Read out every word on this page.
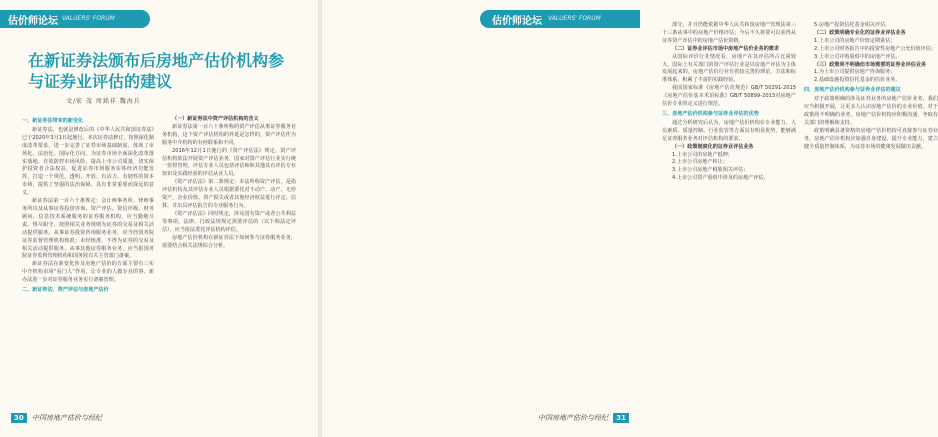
估价师论坛 VALUERS' FORUM
在新证券法颁布后房地产估价机构参与证券业评估的建议
文/宏 茂 周銘祥 魏海兵

一、新证券法带来的新变化

新证券法，也就是修改后的《中华人民共和国证券法》已于2020年3月1日起施行。本次证券法修订，按照深化制度改革要求，进一步完善了证券市场基础制度，体现了市场化、法治化、国际化方向，为证券市场全面深化改革落实落地、有效防控市场风险，提高上市公司质量，切实保护投资者合法权益，促进证券市场服务实体经济功能发挥，打造一个规范、透明、开放、有活力、有韧性的资本市场，提供了坚强的法治保障，具有非常重要而深远的意义。

新证券法第一百六十条规定：会计师事务所、律师事务所以及从事证券投资咨询、资产评估、资信评级、财务顾问、信息技术系统服务的证券服务机构，应当勤勉尽责、恪尽职守，按照相关业务规则为证券的交易及相关活动提供服务。从事证券投资咨询服务业务，应当经国务院证券监督管理机构核准；未经核准，不得为证券的交易及相关活动提供服务。从事其他证券服务业务，应当报国务院证券监督管理机构和国务院有关主管部门备案。

新证券法在新变化涉及房地产估价的方面主要有三实中介机构市场“看门人”作用，让专业的人做专业的事，新办法进一步对证券服务业务实行备案管理。

二、新证券法、资产评估与房地产估价

（一）新证券法中资产评估机构的含义

新证券法第一百六十条所称的资产评估从事证券服务业务机构，这个资产评估机构的外延是怎样的，资产评估作为服务中介机构的有何联系和不同。

2016年12月1日施行的《资产评估法》规定，资产评估机构依法开展资产评估业务，国家对资产评估行业实行统一监督管理，评估专业人员包括评估师和其他具有评估专业知识及实践经验的评估从业人员。

《资产评估法》第二条规定：本法所称资产评估，是指评估机构及其评估专业人员根据委托对不动产、动产、无形资产、企业价值、资产损失或者其他经济权益进行评定、估算，并出具评估报告的专业服务行为。

《资产评估法》同时规定，涉及国有资产或者公共利益等事项，法律、行政法规规定需要评估的（以下称法定评估），应当依法委托评估机构评估。

房地产估价机构在新证券法下如何参与证券服务业务，需要结合相关法规综合分析。

30 中国房地产估价与经纪
估价师论坛 VALUERS' FORUM

部分，并且仍能依据中华人民共和国房地产管理法第三十三条从事中的房地产价格评估；今后不久将要可以获得从证券资产评估中的房地产估价资格。

（二）证券业评估市场中房地产估价业务的需求

从国际评价行业情况看，房地产在其评估所占比重较大，国际上有关部门的资产评估行业是以房地产评估为主体发展起来的。房地产估价行业有着较完善的理论、方法和标准体系，积累了丰富的实践经验。

我国国家标准《房地产估价规范》GB/T 50291-2015《房地产估价基本术语标准》GB/T 50899-2013对房地产估价专业的定义进行规范。

三、房地产估价机构参与证券业评估的优势

通过分析研究后认为，房地产估价机构在专业能力、人员素质、质量控制、行业监管等方面具有明显优势，能够满足证券服务业务对评估机构的要求。

（一）政策制度化的证券业评估业务

1.上市公司的房地产抵押；

2.上市公司房地产转让；

3.上市公司房地产税收相关评估；

4.上市公司资产重组中涉及的房地产评估。

5.房地产投资信托基金相关评估。

（二）政策明确专业化的证券业评估业务

1.上市公司的房地产价值定期重估；

2.上市公司财务报告中的投资性房地产公允价值评估；

3.上市公司并购重组中的房地产评估。

（三）政策尚不明确但市场需要的证券业评估业务

1.为上市公司提供房地产咨询服务；

2.基础设施投资信托基金的估价业务。

四、房地产估价机构参与证券业评估的建议

对于政策明确的涉及证券业务的房地产估价业务，我们应当积极开展，让更多人认识房地产估价的专业价值。对于政策尚不明确的业务，房地产估价机构应积极沟通，争取有关部门的理解和支持。

政策明确具备资格的房地产估价机构可直接参与证券业务，房地产估价机构应加强自身建设，提升专业能力，建立健全质量控制体系，为证券市场的健康发展做出贡献。

中国房地产估价与经纪 31
